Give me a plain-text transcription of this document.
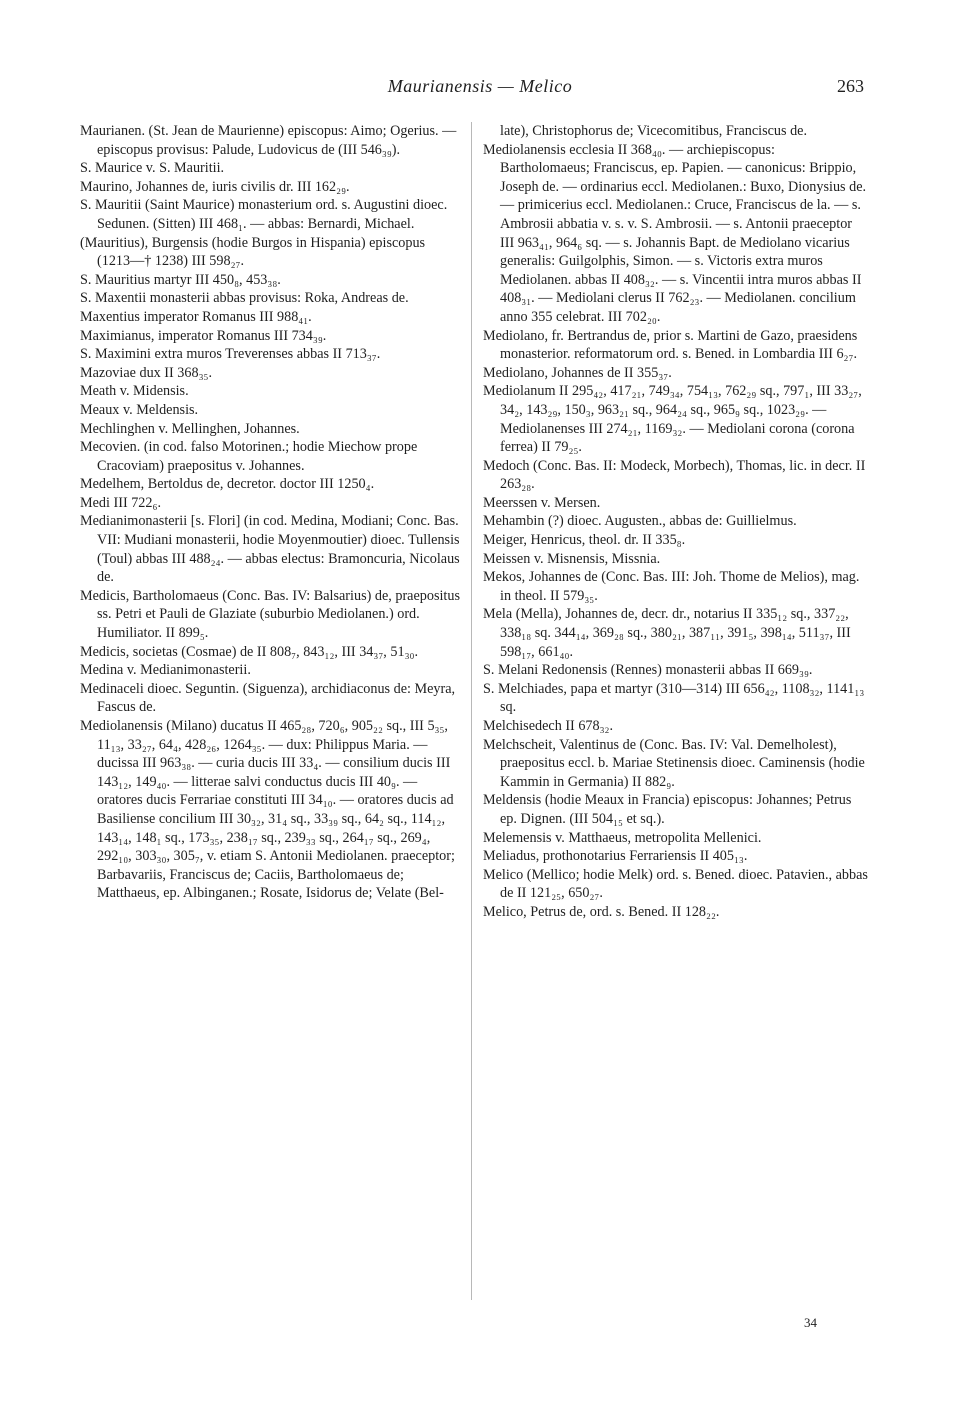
Maurianensis — Melico	263
Maurianen. (St. Jean de Maurienne) episcopus: Aimo; Ogerius. — episcopus provisus: Palude, Ludovicus de (III 546₃₉).
S. Maurice v. S. Mauritii.
Maurino, Johannes de, iuris civilis dr. III 162₂₉.
S. Mauritii (Saint Maurice) monasterium ord. s. Augustini dioec. Sedunen. (Sitten) III 468₁. — abbas: Bernardi, Michael.
(Mauritius), Burgensis (hodie Burgos in Hispania) episcopus (1213—† 1238) III 598₂₇.
S. Mauritius martyr III 450₈, 453₃₈.
S. Maxentii monasterii abbas provisus: Roka, Andreas de.
Maxentius imperator Romanus III 988₄₁.
Maximianus, imperator Romanus III 734₃₉.
S. Maximini extra muros Treverenses abbas II 713₃₇.
Mazoviae dux II 368₃₅.
Meath v. Midensis.
Meaux v. Meldensis.
Mechlinghen v. Mellinghen, Johannes.
Mecovien. (in cod. falso Motorinen.; hodie Miechow prope Cracoviam) praepositus v. Johannes.
Medelhem, Bertoldus de, decretor. doctor III 1250₄.
Medi III 722₆.
Medianimonasterii [s. Flori] (in cod. Medina, Modiani; Conc. Bas. VII: Mudiani monasterii, hodie Moyenmoutier) dioec. Tullensis (Toul) abbas III 488₂₄. — abbas electus: Bramoncuria, Nicolaus de.
Medicis, Bartholomaeus (Conc. Bas. IV: Balsarius) de, praepositus ss. Petri et Pauli de Glaziate (suburbio Mediolanen.) ord. Humiliator. II 899₅.
Medicis, societas (Cosmae) de II 808₇, 843₁₂, III 34₃₇, 51₃₀.
Medina v. Medianimonasterii.
Medinaceli dioec. Seguntin. (Siguenza), archidiaconus de: Meyra, Fascus de.
Mediolanensis (Milano) ducatus II 465₂₈, 720₆, 905₂₂ sq., III 5₃₅, 11₁₃, 33₂₇, 64₄, 428₂₆, 1264₃₅. — dux: Philippus Maria. — ducissa III 963₃₈. — curia ducis III 33₄. — consilium ducis III 143₁₂, 149₄₀. — litterae salvi conductus ducis III 40₉. — oratores ducis Ferrariae constituti III 34₁₀. — oratores ducis ad Basiliense concilium III 30₃₂, 31₄ sq., 33₃₉ sq., 64₂ sq., 114₁₂, 143₁₄, 148₁ sq., 173₃₅, 238₁₇ sq., 239₃₃ sq., 264₁₇ sq., 269₄, 292₁₀, 303₃₀, 305₇, v. etiam S. Antonii Mediolanen. praeceptor; Barbavariis, Franciscus de; Caciis, Bartholomaeus de; Matthaeus, ep. Albinganen.; Rosate, Isidorus de; Velate (Bel-
late), Christophorus de; Vicecomitibus, Franciscus de.
Mediolanensis ecclesia II 368₄₀. — archiepiscopus: Bartholomaeus; Franciscus, ep. Papien. — canonicus: Brippio, Joseph de. — ordinarius eccl. Mediolanen.: Buxo, Dionysius de. — primicerius eccl. Mediolanen.: Cruce, Franciscus de la. — s. Ambrosii abbatia v. s. v. S. Ambrosii. — s. Antonii praeceptor III 963₄₁, 964₆ sq. — s. Johannis Bapt. de Mediolano vicarius generalis: Guilgolphis, Simon. — s. Victoris extra muros Mediolanen. abbas II 408₃₂. — s. Vincentii intra muros abbas II 408₃₁. — Mediolani clerus II 762₂₃. — Mediolanen. concilium anno 355 celebrat. III 702₂₀.
Mediolano, fr. Bertrandus de, prior s. Martini de Gazo, praesidens monasterior. reformatorum ord. s. Bened. in Lombardia III 6₂₇.
Mediolano, Johannes de II 355₃₇.
Mediolanum II 295₄₂, 417₂₁, 749₃₄, 754₁₃, 762₂₉ sq., 797₁, III 33₂₇, 34₂, 143₂₉, 150₃, 963₂₁ sq., 964₂₄ sq., 965₉ sq., 1023₂₉. — Mediolanenses III 274₂₁, 1169₃₂. — Mediolani corona (corona ferrea) II 79₂₅.
Medoch (Conc. Bas. II: Modeck, Morbech), Thomas, lic. in decr. II 263₂₈.
Meerssen v. Mersen.
Mehambin (?) dioec. Augusten., abbas de: Guillielmus.
Meiger, Henricus, theol. dr. II 335₈.
Meissen v. Misnensis, Missnia.
Mekos, Johannes de (Conc. Bas. III: Joh. Thome de Melios), mag. in theol. II 579₃₅.
Mela (Mella), Johannes de, decr. dr., notarius II 335₁₂ sq., 337₂₂, 338₁₈ sq. 344₁₄, 369₂₈ sq., 380₂₁, 387₁₁, 391₅, 398₁₄, 511₃₇, III 598₁₇, 661₄₀.
S. Melani Redonensis (Rennes) monasterii abbas II 669₃₉.
S. Melchiades, papa et martyr (310—314) III 656₄₂, 1108₃₂, 1141₁₃ sq.
Melchisedech II 678₃₂.
Melchscheit, Valentinus de (Conc. Bas. IV: Val. Demelholest), praepositus eccl. b. Mariae Stetinensis dioec. Caminensis (hodie Kammin in Germania) II 882₉.
Meldensis (hodie Meaux in Francia) episcopus: Johannes; Petrus ep. Dignen. (III 504₁₅ et sq.).
Melemensis v. Matthaeus, metropolita Mellenici.
Meliadus, prothonotarius Ferrariensis II 405₁₃.
Melico (Mellico; hodie Melk) ord. s. Bened. dioec. Patavien., abbas de II 121₂₅, 650₂₇.
Melico, Petrus de, ord. s. Bened. II 128₂₂.
34
